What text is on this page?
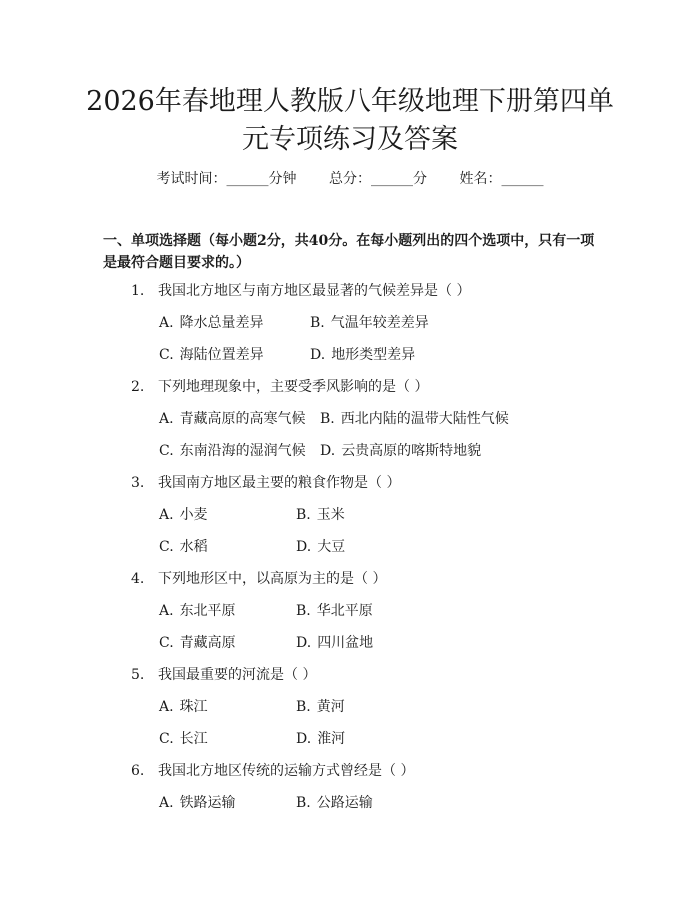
2026年春地理人教版八年级地理下册第四单
元专项练习及答案
考试时间：______分钟 总分：______分 姓名：______

一、单项选择题（每小题2分，共40分。在每小题列出的四个选项中，只有一项是最符合题目要求的。）

1. 我国北方地区与南方地区最显著的气候差异是（ ）
A. 降水总量差异	B. 气温年较差差异
C. 海陆位置差异	D. 地形类型差异
2. 下列地理现象中，主要受季风影响的是（ ）
A. 青藏高原的高寒气候 B. 西北内陆的温带大陆性气候
C. 东南沿海的湿润气候 D. 云贵高原的喀斯特地貌
3. 我国南方地区最主要的粮食作物是（ ）
A. 小麦	B. 玉米
C. 水稻	D. 大豆
4. 下列地形区中，以高原为主的是（ ）
A. 东北平原	B. 华北平原
C. 青藏高原	D. 四川盆地
5. 我国最重要的河流是（ ）
A. 珠江	B. 黄河
C. 长江	D. 淮河
6. 我国北方地区传统的运输方式曾经是（ ）
A. 铁路运输	B. 公路运输
